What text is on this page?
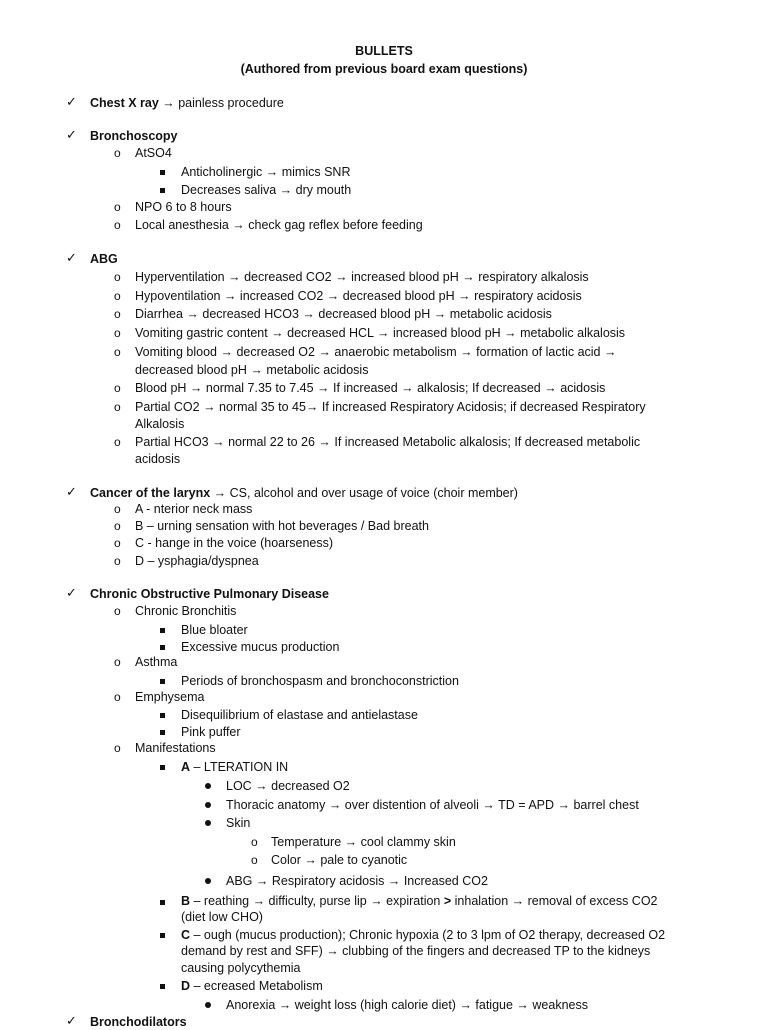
BULLETS
(Authored from previous board exam questions)
✓ Chest X ray → painless procedure
✓ Bronchoscopy
o AtSO4
Anticholinergic → mimics SNR
Decreases saliva → dry mouth
o NPO 6 to 8 hours
o Local anesthesia → check gag reflex before feeding
✓ ABG
o Hyperventilation → decreased CO2 → increased blood pH → respiratory alkalosis
o Hypoventilation → increased CO2 → decreased blood pH → respiratory acidosis
o Diarrhea → decreased HCO3 → decreased blood pH → metabolic acidosis
o Vomiting gastric content → decreased HCL → increased blood pH → metabolic alkalosis
o Vomiting blood → decreased O2 → anaerobic metabolism → formation of lactic acid →
decreased blood pH → metabolic acidosis
o Blood pH → normal 7.35 to 7.45 → If increased → alkalosis; If decreased → acidosis
o Partial CO2 → normal 35 to 45→ If increased Respiratory Acidosis; if decreased Respiratory
Alkalosis
o Partial HCO3 → normal 22 to 26 → If increased Metabolic alkalosis; If decreased metabolic
acidosis
✓ Cancer of the larynx → CS, alcohol and over usage of voice (choir member)
o A - nterior neck mass
o B – urning sensation with hot beverages / Bad breath
o C - hange in the voice (hoarseness)
o D – ysphagia/dyspnea
✓ Chronic Obstructive Pulmonary Disease
o Chronic Bronchitis
Blue bloater
Excessive mucus production
o Asthma
Periods of bronchospasm and bronchoconstriction
o Emphysema
Disequilibrium of elastase and antielastase
Pink puffer
o Manifestations
A – LTERATION IN
LOC → decreased O2
Thoracic anatomy → over distention of alveoli → TD = APD → barrel chest
Skin
o Temperature → cool clammy skin
o Color → pale to cyanotic
ABG → Respiratory acidosis → Increased CO2
B – reathing → difficulty, purse lip → expiration > inhalation → removal of excess CO2
(diet low CHO)
C – ough (mucus production); Chronic hypoxia (2 to 3 lpm of O2 therapy, decreased O2
demand by rest and SFF) → clubbing of the fingers and decreased TP to the kidneys
causing polycythemia
D – ecreased Metabolism
Anorexia → weight loss (high calorie diet) → fatigue → weakness
✓ Bronchodilators
